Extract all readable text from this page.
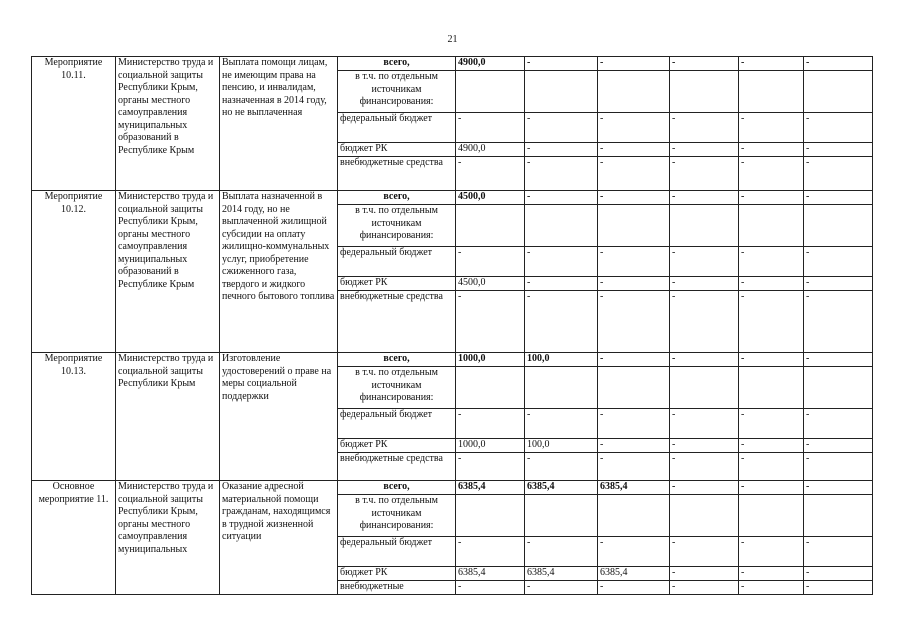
21
Мероприятие 10.11.	Министерство труда и социальной защиты Республики Крым, органы местного самоуправления муниципальных образований в Республике Крым	Выплата помощи лицам, не имеющим права на пенсию, и инвалидам, назначенная в 2014 году, но не выплаченная	всего,	4900,0	-	-	-	-	-
			в т.ч. по отдельным источникам финансирования:						
			федеральный бюджет	-	-	-	-	-	-
			бюджет РК	4900,0	-	-	-	-	-
			внебюджетные средства	-	-	-	-	-	-
Мероприятие 10.12.	Министерство труда и социальной защиты Республики Крым, органы местного самоуправления муниципальных образований в Республике Крым	Выплата назначенной в 2014 году, но не выплаченной жилищной субсидии на оплату жилищно-коммунальных услуг, приобретение сжиженного газа, твердого и жидкого печного бытового топлива	всего,	4500,0	-	-	-	-	-
			в т.ч. по отдельным источникам финансирования:						
			федеральный бюджет	-	-	-	-	-	-
			бюджет РК	4500,0	-	-	-	-	-
			внебюджетные средства	-	-	-	-	-	-
Мероприятие 10.13.	Министерство труда и социальной защиты Республики Крым	Изготовление удостоверений о праве на меры социальной поддержки	всего,	1000,0	100,0	-	-	-	-
			в т.ч. по отдельным источникам финансирования:						
			федеральный бюджет	-	-	-	-	-	-
			бюджет РК	1000,0	100,0	-	-	-	-
			внебюджетные средства	-	-	-	-	-	-
Основное мероприятие 11.	Министерство труда и социальной защиты Республики Крым, органы местного самоуправления муниципальных	Оказание адресной материальной помощи гражданам, находящимся в трудной жизненной ситуации	всего,	6385,4	6385,4	6385,4	-	-	-
			в т.ч. по отдельным источникам финансирования:						
			федеральный бюджет	-	-	-	-	-	-
			бюджет РК	6385,4	6385,4	6385,4	-	-	-
			внебюджетные	-	-	-	-	-	-
